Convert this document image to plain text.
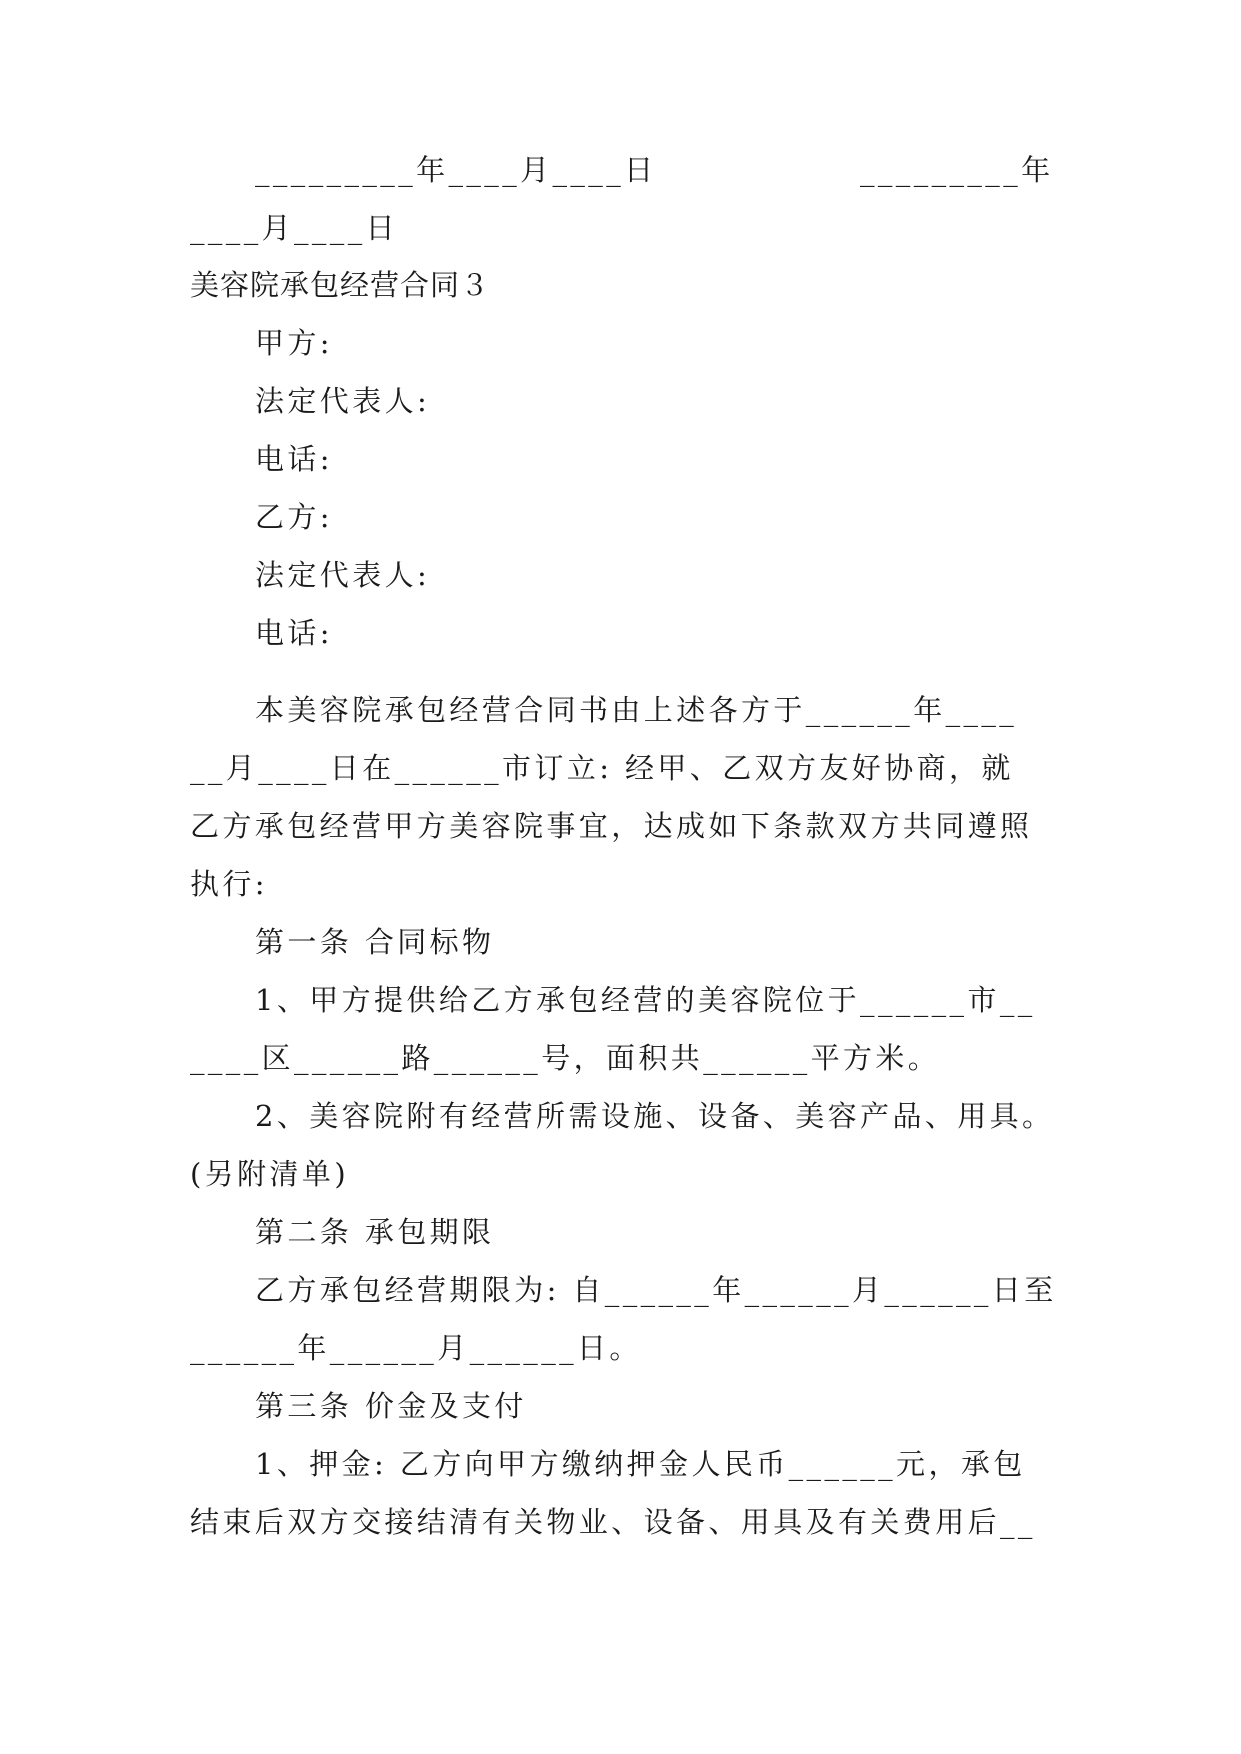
_________年____月____日	_________年
____月____日
美容院承包经营合同３
甲方:
法定代表人:
电话:
乙方:
法定代表人:
电话:
本美容院承包经营合同书由上述各方于______年____
__月____日在______市订立: 经甲、乙双方友好协商，就
乙方承包经营甲方美容院事宜，达成如下条款双方共同遵照
执行:
第一条 合同标物
1、甲方提供给乙方承包经营的美容院位于______市__
____区______路______号，面积共______平方米。
2、美容院附有经营所需设施、设备、美容产品、用具。
(另附清单)
第二条 承包期限
乙方承包经营期限为: 自______年______月______日至
______年______月______日。
第三条 价金及支付
1、押金: 乙方向甲方缴纳押金人民币______元，承包
结束后双方交接结清有关物业、设备、用具及有关费用后__
